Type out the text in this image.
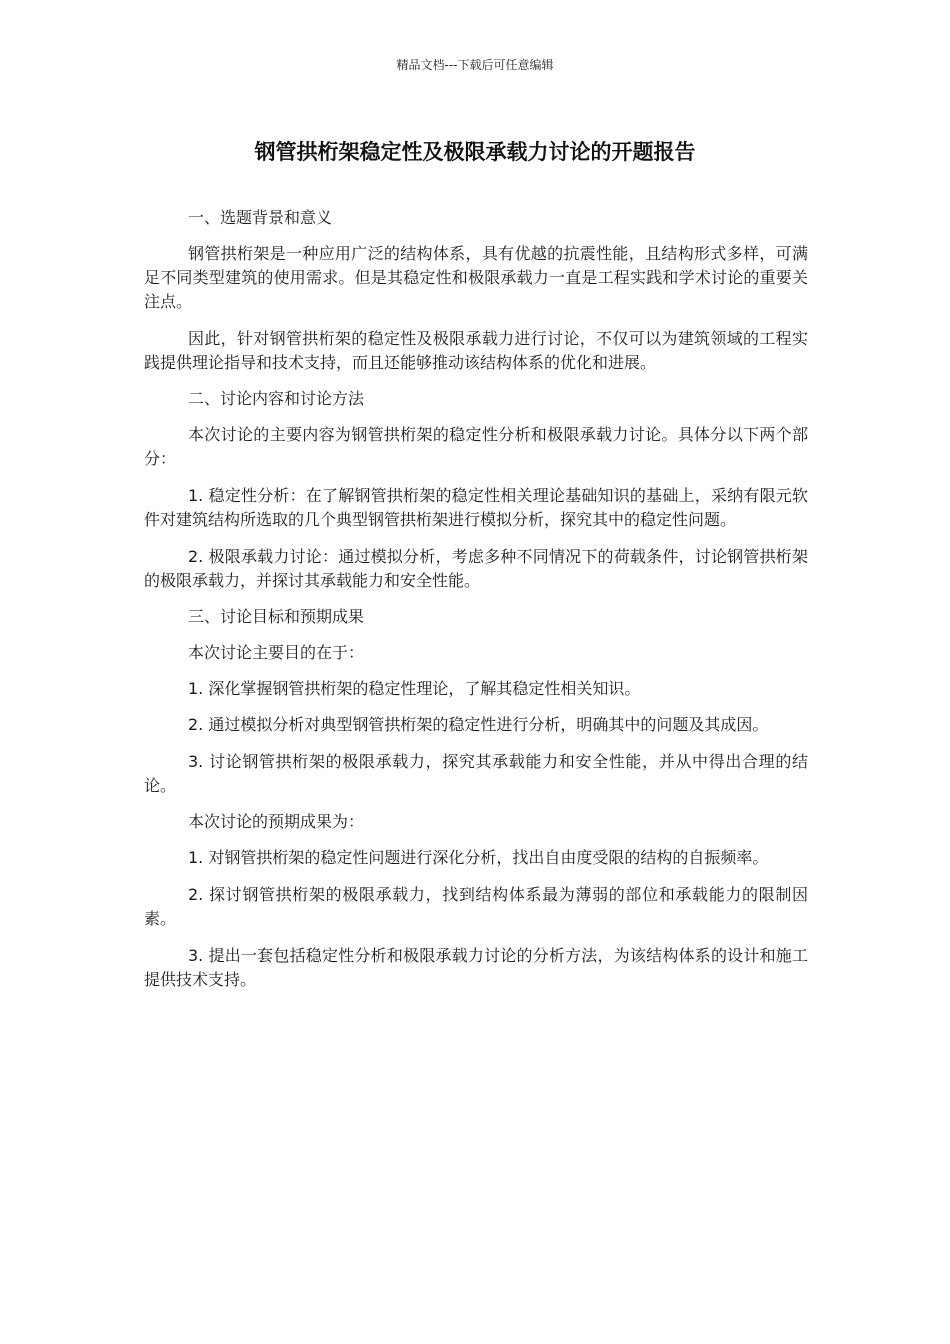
精品文档---下载后可任意编辑
钢管拱桁架稳定性及极限承载力讨论的开题报告

一、选题背景和意义

钢管拱桁架是一种应用广泛的结构体系，具有优越的抗震性能，且结构形式多样，可满足不同类型建筑的使用需求。但是其稳定性和极限承载力一直是工程实践和学术讨论的重要关注点。

因此，针对钢管拱桁架的稳定性及极限承载力进行讨论，不仅可以为建筑领域的工程实践提供理论指导和技术支持，而且还能够推动该结构体系的优化和进展。

二、讨论内容和讨论方法

本次讨论的主要内容为钢管拱桁架的稳定性分析和极限承载力讨论。具体分以下两个部分：

1. 稳定性分析：在了解钢管拱桁架的稳定性相关理论基础知识的基础上，采纳有限元软件对建筑结构所选取的几个典型钢管拱桁架进行模拟分析，探究其中的稳定性问题。

2. 极限承载力讨论：通过模拟分析，考虑多种不同情况下的荷载条件，讨论钢管拱桁架的极限承载力，并探讨其承载能力和安全性能。

三、讨论目标和预期成果

本次讨论主要目的在于：

1. 深化掌握钢管拱桁架的稳定性理论，了解其稳定性相关知识。

2. 通过模拟分析对典型钢管拱桁架的稳定性进行分析，明确其中的问题及其成因。

3. 讨论钢管拱桁架的极限承载力，探究其承载能力和安全性能，并从中得出合理的结论。

本次讨论的预期成果为：

1. 对钢管拱桁架的稳定性问题进行深化分析，找出自由度受限的结构的自振频率。

2. 探讨钢管拱桁架的极限承载力，找到结构体系最为薄弱的部位和承载能力的限制因素。

3. 提出一套包括稳定性分析和极限承载力讨论的分析方法，为该结构体系的设计和施工提供技术支持。
